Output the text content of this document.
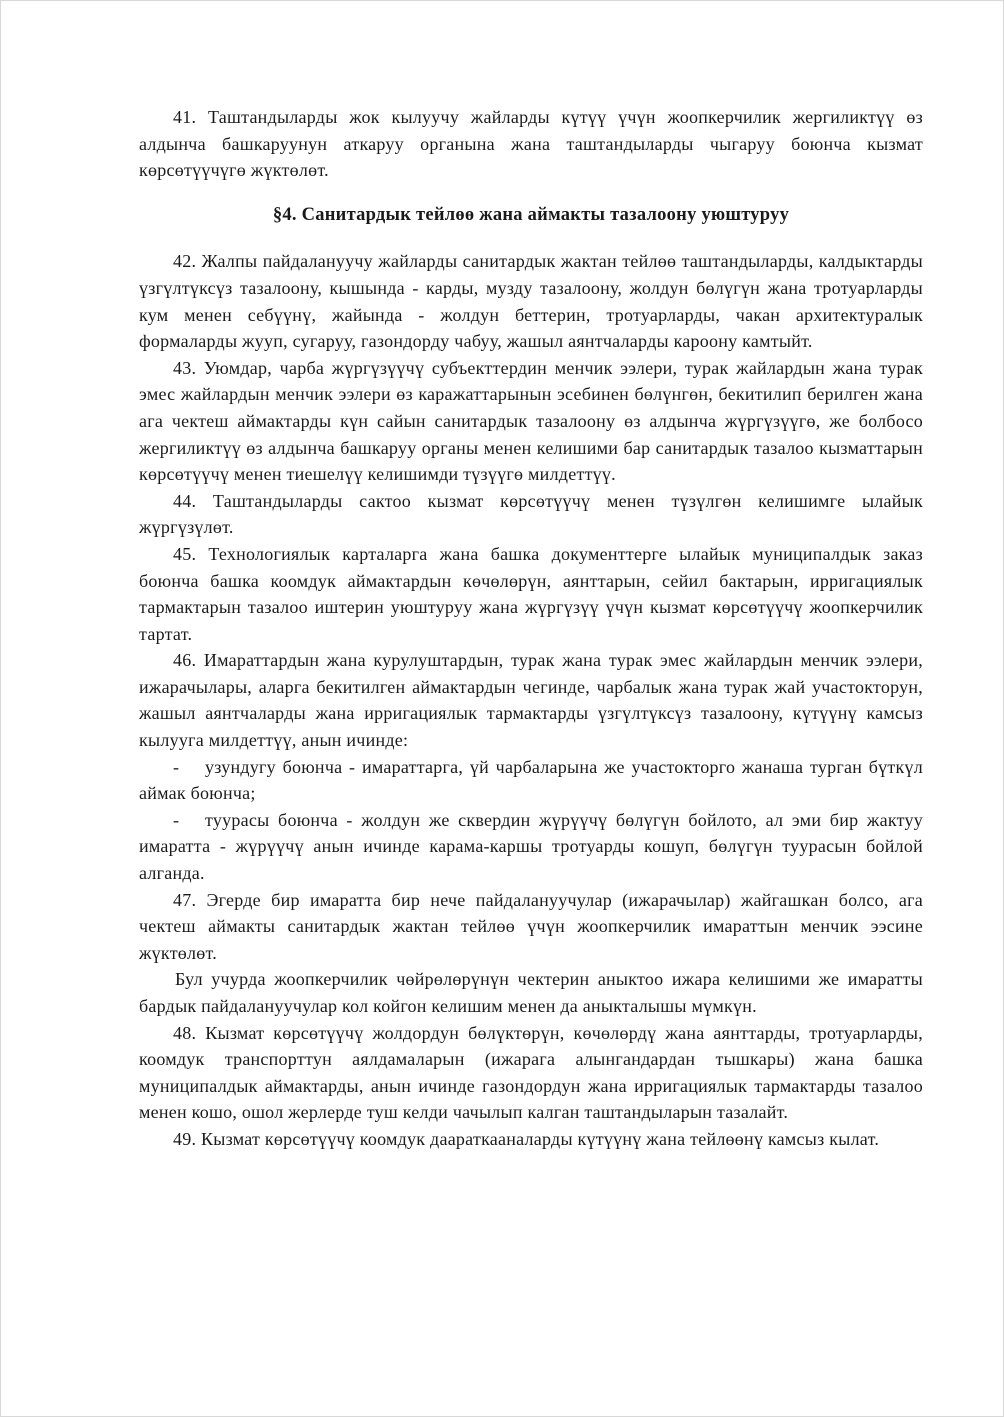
41. Таштандыларды жок кылуучу жайларды күтүү үчүн жоопкерчилик жергиликтүү өз алдынча башкаруунун аткаруу органына жана таштандыларды чыгаруу боюнча кызмат көрсөтүүчүгө жүктөлөт.

§4. Санитардык тейлөө жана аймакты тазалоону уюштуруу

42. Жалпы пайдалануучу жайларды санитардык жактан тейлөө таштандыларды, калдыктарды үзгүлтүксүз тазалоону, кышында - карды, музду тазалоону, жолдун бөлүгүн жана тротуарларды кум менен себүүнү, жайында - жолдун беттерин, тротуарларды, чакан архитектуралык формаларды жууп, сугаруу, газондорду чабуу, жашыл аянтчаларды кароону камтыйт.

43. Уюмдар, чарба жүргүзүүчү субъекттердин менчик ээлери, турак жайлардын жана турак эмес жайлардын менчик ээлери өз каражаттарынын эсебинен бөлүнгөн, бекитилип берилген жана ага чектеш аймактарды күн сайын санитардык тазалоону өз алдынча жүргүзүүгө, же болбосо жергиликтүү өз алдынча башкаруу органы менен келишими бар санитардык тазалоо кызматтарын көрсөтүүчү менен тиешелүү келишимди түзүүгө милдеттүү.

44. Таштандыларды сактоо кызмат көрсөтүүчү менен түзүлгөн келишимге ылайык жүргүзүлөт.

45. Технологиялык карталарга жана башка документтерге ылайык муниципалдык заказ боюнча башка коомдук аймактардын көчөлөрүн, аянттарын, сейил бактарын, ирригациялык тармактарын тазалоо иштерин уюштуруу жана жүргүзүү үчүн кызмат көрсөтүүчү жоопкерчилик тартат.

46. Имараттардын жана курулуштардын, турак жана турак эмес жайлардын менчик ээлери, ижарачылары, аларга бекитилген аймактардын чегинде, чарбалык жана турак жай участокторун, жашыл аянтчаларды жана ирригациялык тармактарды үзгүлтүксүз тазалоону, күтүүнү камсыз кылууга милдеттүү, анын ичинде:

- узундугу боюнча - имараттарга, үй чарбаларына же участокторго жанаша турган бүткүл аймак боюнча;

- туурасы боюнча - жолдун же сквердин жүрүүчү бөлүгүн бойлото, ал эми бир жактуу имаратта - жүрүүчү анын ичинде карама-каршы тротуарды кошуп, бөлүгүн туурасын бойлой алганда.

47. Эгерде бир имаратта бир нече пайдалануучулар (ижарачылар) жайгашкан болсо, ага чектеш аймакты санитардык жактан тейлөө үчүн жоопкерчилик имараттын менчик ээсине жүктөлөт.

Бул учурда жоопкерчилик чөйрөлөрүнүн чектерин аныктоо ижара келишими же имаратты бардык пайдалануучулар кол койгон келишим менен да аныкталышы мүмкүн.

48. Кызмат көрсөтүүчү жолдордун бөлүктөрүн, көчөлөрдү жана аянттарды, тротуарларды, коомдук транспорттун аялдамаларын (ижарага алынгандардан тышкары) жана башка муниципалдык аймактарды, анын ичинде газондордун жана ирригациялык тармактарды тазалоо менен кошо, ошол жерлерде туш келди чачылып калган таштандыларын тазалайт.

49. Кызмат көрсөтүүчү коомдук даараткааналарды күтүүнү жана тейлөөнү камсыз кылат.
